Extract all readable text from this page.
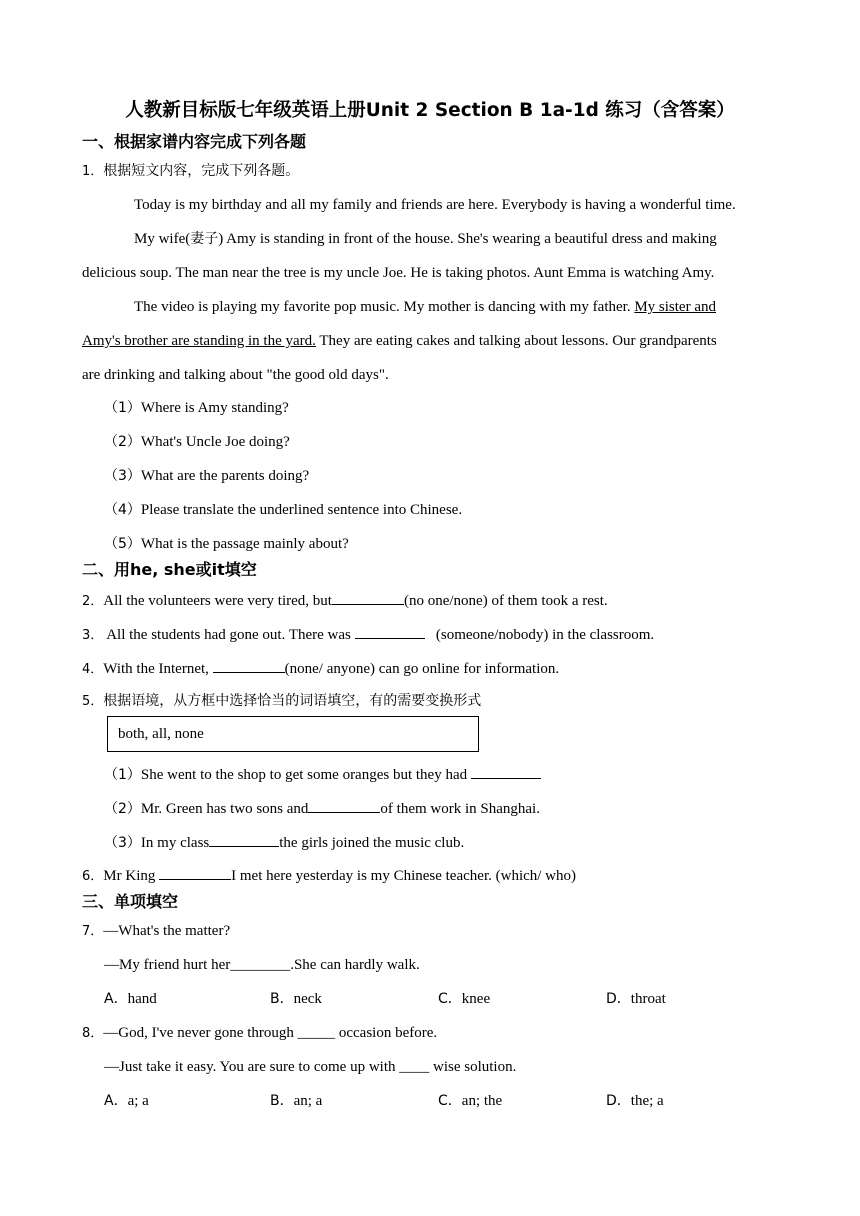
人教新目标版七年级英语上册Unit 2 Section B 1a-1d 练习（含答案）
一、根据家谱内容完成下列各题
1．根据短文内容，完成下列各题。
Today is my birthday and all my family and friends are here. Everybody is having a wonderful time.
My wife(妻子) Amy is standing in front of the house. She's wearing a beautiful dress and making
delicious soup. The man near the tree is my uncle Joe. He is taking photos. Aunt Emma is watching Amy.
The video is playing my favorite pop music. My mother is dancing with my father. My sister and
Amy's brother are standing in the yard. They are eating cakes and talking about lessons. Our grandparents
are drinking and talking about "the good old days".
（1）Where is Amy standing?
（2）What's Uncle Joe doing?
（3）What are the parents doing?
（4）Please translate the underlined sentence into Chinese.
（5）What is the passage mainly about?
二、用he, she或it填空
2．All the volunteers were very tired, but	(no one/none) of them took a rest.
3． All the students had gone out. There was	(someone/nobody) in the classroom.
4．With the Internet,	(none/ anyone) can go online for information.
5．根据语境，从方框中选择恰当的词语填空，有的需要变换形式
both, all, none
（1）She went to the shop to get some oranges but they had
（2）Mr. Green has two sons and	of them work in Shanghai.
（3）In my class	the girls joined the music club.
6．Mr King	I met here yesterday is my Chinese teacher. (which/ who)
三、单项填空
7．—What's the matter?
—My friend hurt her________.She can hardly walk.
A．hand	B．neck	C．knee	D．throat
8．—God, I've never gone through _____ occasion before.
—Just take it easy. You are sure to come up with ____ wise solution.
A．a; a	B．an; a	C．an; the	D．the; a
